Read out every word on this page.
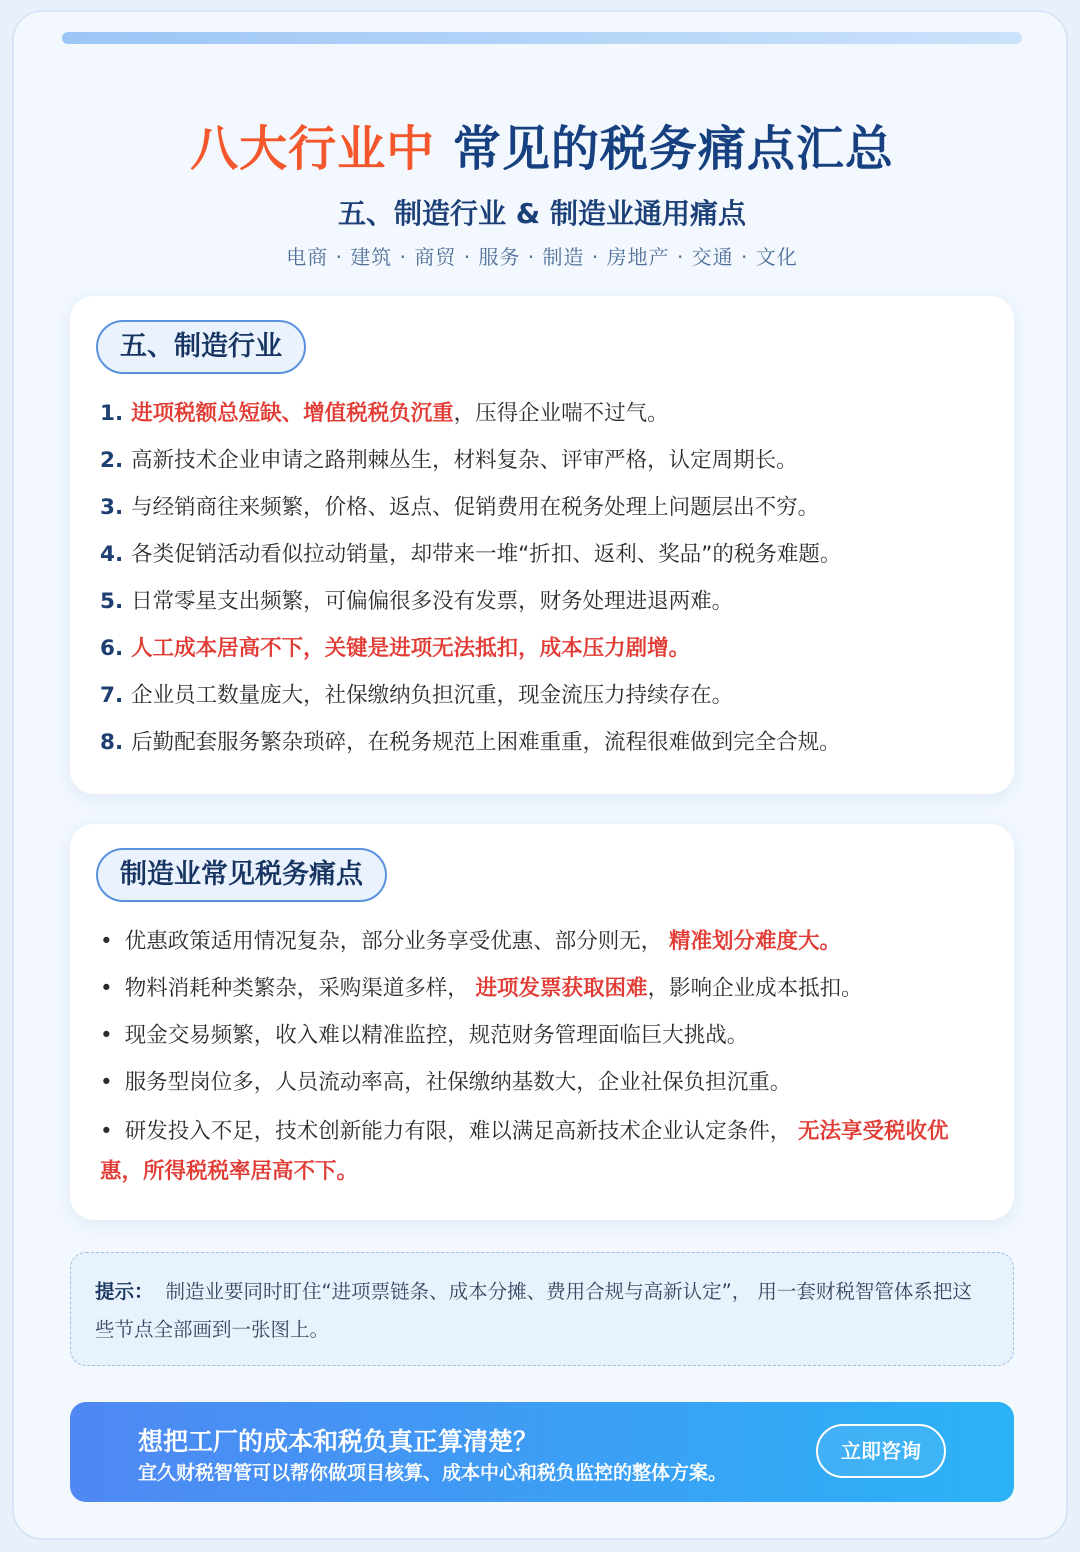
八大行业中 常见的税务痛点汇总
五、制造行业 & 制造业通用痛点
电商 · 建筑 · 商贸 · 服务 · 制造 · 房地产 · 交通 · 文化
五、制造行业
1. 进项税额总短缺、增值税税负沉重，压得企业喘不过气。
2. 高新技术企业申请之路荆棘丛生，材料复杂、评审严格，认定周期长。
3. 与经销商往来频繁，价格、返点、促销费用在税务处理上问题层出不穷。
4. 各类促销活动看似拉动销量，却带来一堆“折扣、返利、奖品”的税务难题。
5. 日常零星支出频繁，可偏偏很多没有发票，财务处理进退两难。
6. 人工成本居高不下，关键是进项无法抵扣，成本压力剧增。
7. 企业员工数量庞大，社保缴纳负担沉重，现金流压力持续存在。
8. 后勤配套服务繁杂琐碎，在税务规范上困难重重，流程很难做到完全合规。
制造业常见税务痛点
• 优惠政策适用情况复杂，部分业务享受优惠、部分则无， 精准划分难度大。
• 物料消耗种类繁杂，采购渠道多样， 进项发票获取困难，影响企业成本抵扣。
• 现金交易频繁，收入难以精准监控，规范财务管理面临巨大挑战。
• 服务型岗位多，人员流动率高，社保缴纳基数大，企业社保负担沉重。
• 研发投入不足，技术创新能力有限，难以满足高新技术企业认定条件， 无法享受税收优惠，所得税税率居高不下。
提示： 制造业要同时盯住“进项票链条、成本分摊、费用合规与高新认定”， 用一套财税智管体系把这些节点全部画到一张图上。
想把工厂的成本和税负真正算清楚？
宜久财税智管可以帮你做项目核算、成本中心和税负监控的整体方案。
立即咨询
